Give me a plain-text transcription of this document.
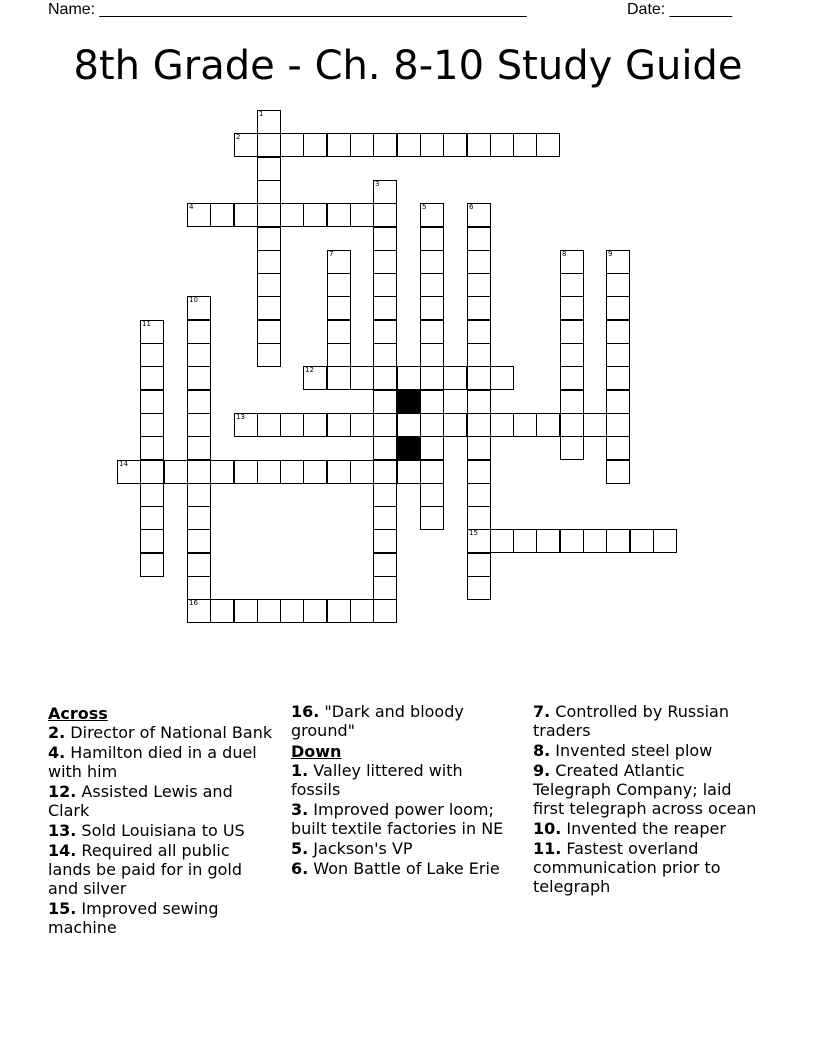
Name: ________________________________________________	Date: _______
8th Grade - Ch. 8-10 Study Guide
1
2
3
4	5	6
15
7	8	9
10
16
11
12
13
14
Across
2. Director of National Bank
4. Hamilton died in a duel with him
12. Assisted Lewis and Clark
13. Sold Louisiana to US
14. Required all public lands be paid for in gold and silver
15. Improved sewing machine
16. "Dark and bloody ground"
Down
1. Valley littered with fossils
3. Improved power loom; built textile factories in NE
5. Jackson's VP
6. Won Battle of Lake Erie
7. Controlled by Russian traders
8. Invented steel plow
9. Created Atlantic Telegraph Company; laid first telegraph across ocean
10. Invented the reaper
11. Fastest overland communication prior to telegraph
